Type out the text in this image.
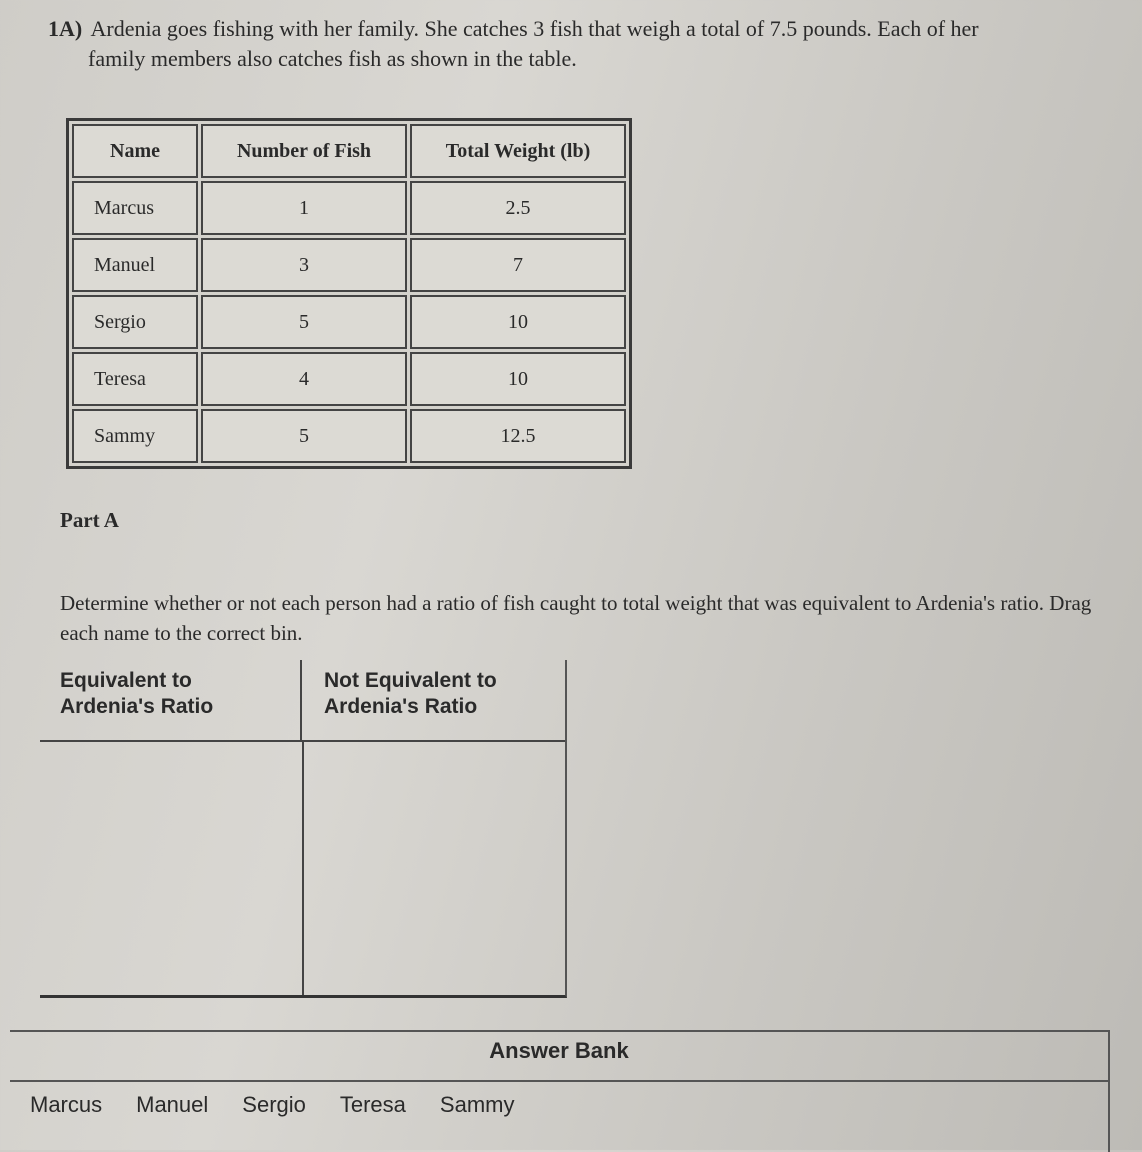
1A) Ardenia goes fishing with her family. She catches 3 fish that weigh a total of 7.5 pounds. Each of her
family members also catches fish as shown in the table.
Name	Number of Fish	Total Weight (lb)
Marcus	1	2.5
Manuel	3	7
Sergio	5	10
Teresa	4	10
Sammy	5	12.5
Part A
Determine whether or not each person had a ratio of fish caught to total weight that was equivalent to Ardenia's ratio. Drag each name to the correct bin.
Equivalent to Ardenia's Ratio
Not Equivalent to Ardenia's Ratio
Answer Bank
Marcus Manuel Sergio Teresa Sammy
